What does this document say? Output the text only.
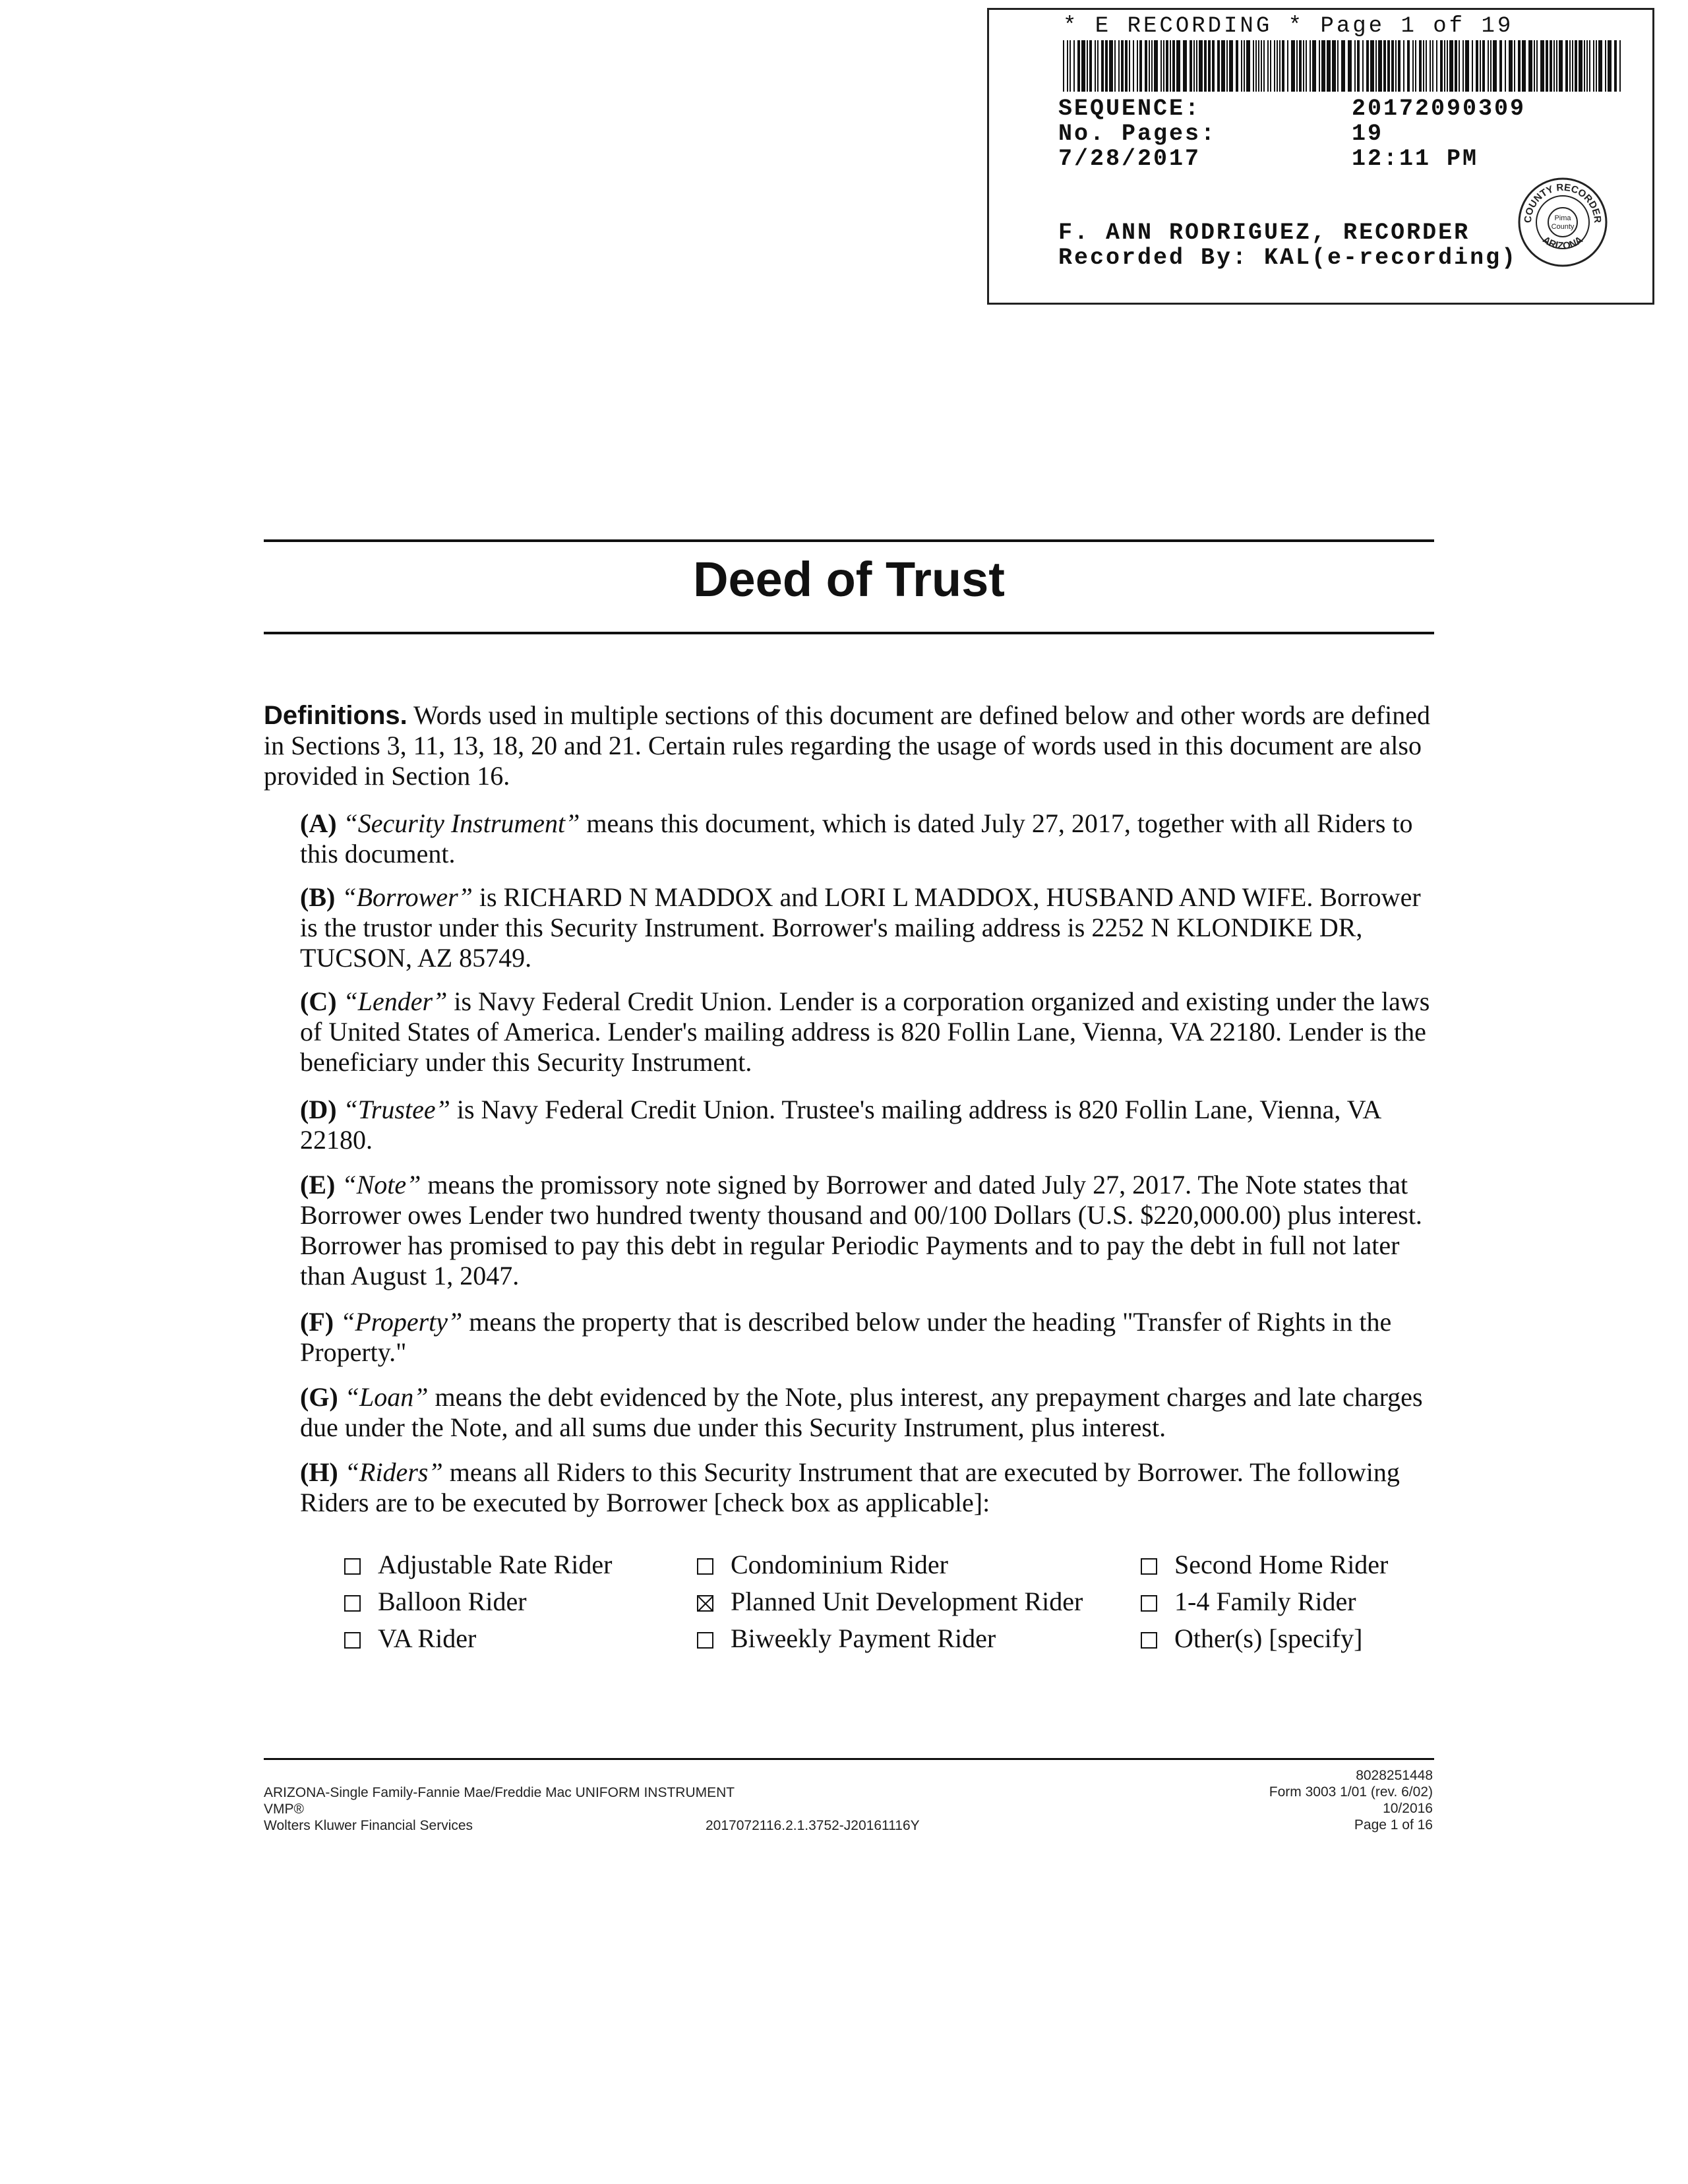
* E RECORDING * Page 1 of 19
SEQUENCE:	20172090309
No. Pages:	19
7/28/2017	12:11 PM
F. ANN RODRIGUEZ, RECORDER
Recorded By: KAL(e-recording)
COUNTY RECORDER
ARIZONA
Pima
County
Deed of Trust
Definitions. Words used in multiple sections of this document are defined below and other words are defined in Sections 3, 11, 13, 18, 20 and 21. Certain rules regarding the usage of words used in this document are also provided in Section 16.
(A) “Security Instrument” means this document, which is dated July 27, 2017, together with all Riders to this document.
(B) “Borrower” is RICHARD N MADDOX and LORI L MADDOX, HUSBAND AND WIFE. Borrower is the trustor under this Security Instrument. Borrower's mailing address is 2252 N KLONDIKE DR, TUCSON, AZ 85749.
(C) “Lender” is Navy Federal Credit Union. Lender is a corporation organized and existing under the laws of United States of America. Lender's mailing address is 820 Follin Lane, Vienna, VA 22180. Lender is the beneficiary under this Security Instrument.
(D) “Trustee” is Navy Federal Credit Union. Trustee's mailing address is 820 Follin Lane, Vienna, VA 22180.
(E) “Note” means the promissory note signed by Borrower and dated July 27, 2017. The Note states that Borrower owes Lender two hundred twenty thousand and 00/100 Dollars (U.S. $220,000.00) plus interest. Borrower has promised to pay this debt in regular Periodic Payments and to pay the debt in full not later than August 1, 2047.
(F) “Property” means the property that is described below under the heading "Transfer of Rights in the Property."
(G) “Loan” means the debt evidenced by the Note, plus interest, any prepayment charges and late charges due under the Note, and all sums due under this Security Instrument, plus interest.
(H) “Riders” means all Riders to this Security Instrument that are executed by Borrower. The following Riders are to be executed by Borrower [check box as applicable]:
Adjustable Rate Rider	Condominium Rider	Second Home Rider
Balloon Rider	Planned Unit Development Rider	1-4 Family Rider
VA Rider	Biweekly Payment Rider	Other(s) [specify]
ARIZONA-Single Family-Fannie Mae/Freddie Mac UNIFORM INSTRUMENT
VMP®
Wolters Kluwer Financial Services	2017072116.2.1.3752-J20161116Y
8028251448
Form 3003 1/01 (rev. 6/02)
10/2016
Page 1 of 16
